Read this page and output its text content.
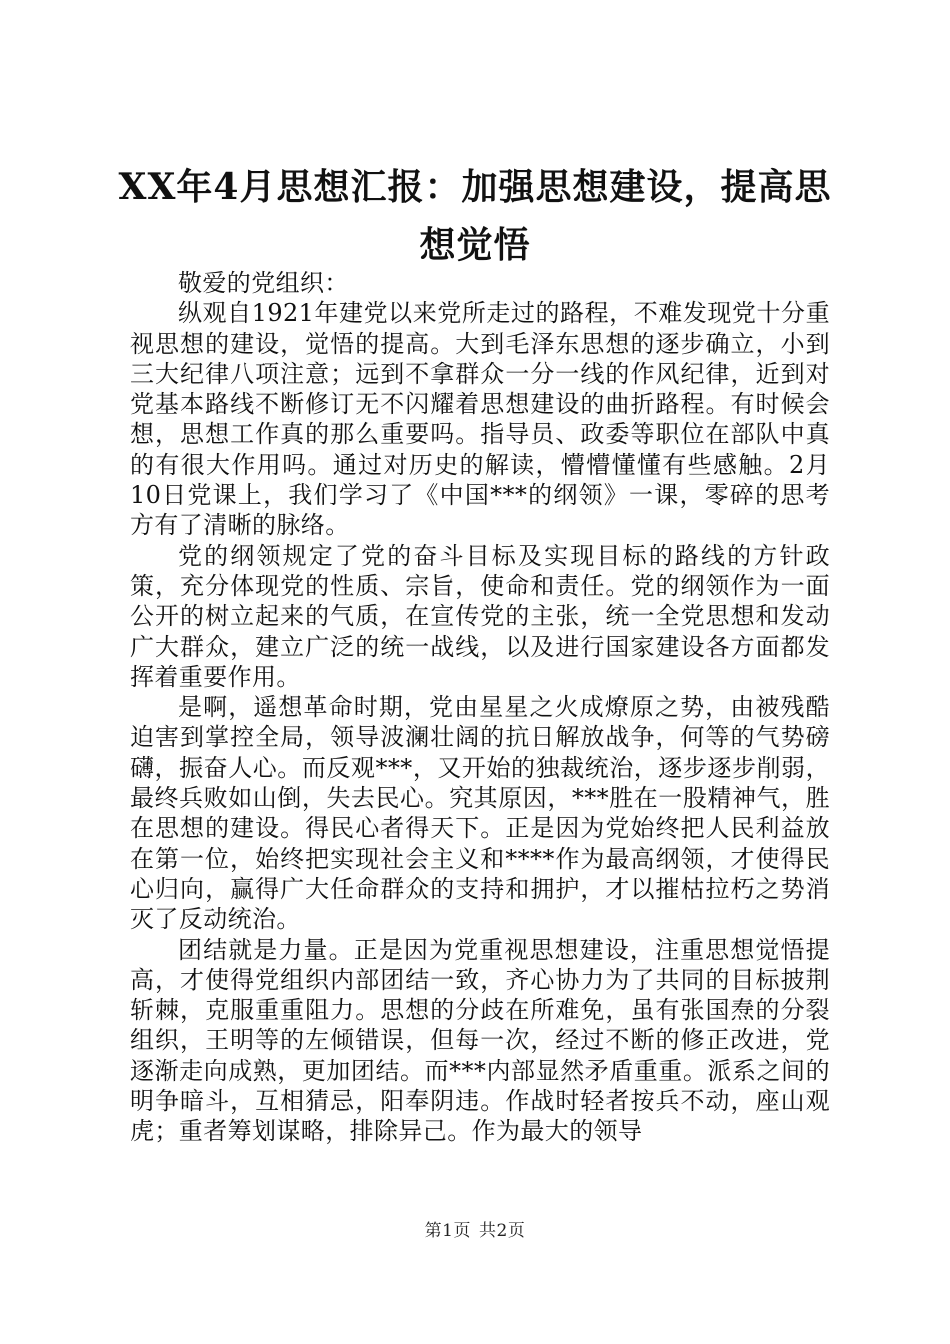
XX年4月思想汇报：加强思想建设，提高思想觉悟

敬爱的党组织：

纵观自1921年建党以来党所走过的路程，不难发现党十分重视思想的建设，觉悟的提高。大到毛泽东思想的逐步确立，小到三大纪律八项注意；远到不拿群众一分一线的作风纪律，近到对党基本路线不断修订无不闪耀着思想建设的曲折路程。有时候会想，思想工作真的那么重要吗。指导员、政委等职位在部队中真的有很大作用吗。通过对历史的解读，懵懵懂懂有些感触。2月10日党课上，我们学习了《中国***的纲领》一课，零碎的思考方有了清晰的脉络。

党的纲领规定了党的奋斗目标及实现目标的路线的方针政策，充分体现党的性质、宗旨，使命和责任。党的纲领作为一面公开的树立起来的气质，在宣传党的主张，统一全党思想和发动广大群众，建立广泛的统一战线，以及进行国家建设各方面都发挥着重要作用。

是啊，遥想革命时期，党由星星之火成燎原之势，由被残酷迫害到掌控全局，领导波澜壮阔的抗日解放战争，何等的气势磅礴，振奋人心。而反观***，又开始的独裁统治，逐步逐步削弱，最终兵败如山倒，失去民心。究其原因，***胜在一股精神气，胜在思想的建设。得民心者得天下。正是因为党始终把人民利益放在第一位，始终把实现社会主义和****作为最高纲领，才使得民心归向，赢得广大任命群众的支持和拥护，才以摧枯拉朽之势消灭了反动统治。

团结就是力量。正是因为党重视思想建设，注重思想觉悟提高，才使得党组织内部团结一致，齐心协力为了共同的目标披荆斩棘，克服重重阻力。思想的分歧在所难免，虽有张国焘的分裂组织，王明等的左倾错误，但每一次，经过不断的修正改进，党逐渐走向成熟，更加团结。而***内部显然矛盾重重。派系之间的明争暗斗，互相猜忌，阳奉阴违。作战时轻者按兵不动，座山观虎；重者筹划谋略，排除异己。作为最大的领导

第1页 共2页
